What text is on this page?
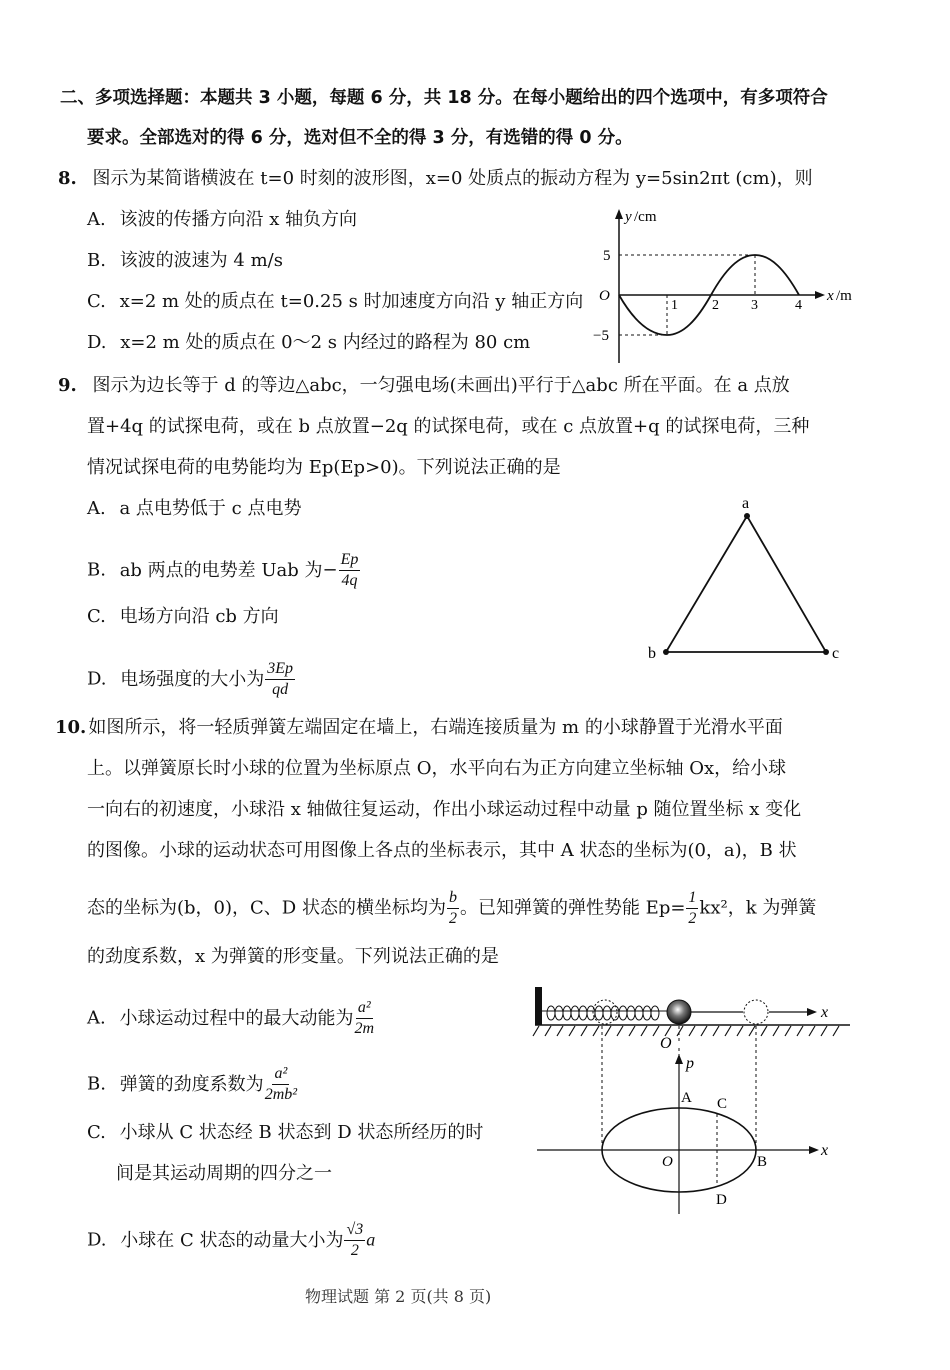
二、多项选择题：本题共 3 小题，每题 6 分，共 18 分。在每小题给出的四个选项中，有多项符合
要求。全部选对的得 6 分，选对但不全的得 3 分，有选错的得 0 分。
8. 图示为某简谐横波在 t=0 时刻的波形图，x=0 处质点的振动方程为 y=5sin2πt (cm)，则
A. 该波的传播方向沿 x 轴负方向
B. 该波的波速为 4 m/s
C. x=2 m 处的质点在 t=0.25 s 时加速度方向沿 y 轴正方向
D. x=2 m 处的质点在 0～2 s 内经过的路程为 80 cm
y /cm
x /m
O
5
−5
1 2 3	4
9. 图示为边长等于 d 的等边△abc，一匀强电场(未画出)平行于△abc 所在平面。在 a 点放
置+4q 的试探电荷，或在 b 点放置−2q 的试探电荷，或在 c 点放置+q 的试探电荷，三种
情况试探电荷的电势能均为 Ep(Ep>0)。下列说法正确的是
A. a 点电势低于 c 点电势
B. ab 两点的电势差 Uab 为− $\frac{Ep}{4q}$
C. 电场方向沿 cb 方向
D. 电场强度的大小为 $\frac{3Ep}{qd}$
a
b	c
10. 如图所示，将一轻质弹簧左端固定在墙上，右端连接质量为 m 的小球静置于光滑水平面
上。以弹簧原长时小球的位置为坐标原点 O，水平向右为正方向建立坐标轴 Ox，给小球
一向右的初速度，小球沿 x 轴做往复运动，作出小球运动过程中动量 p 随位置坐标 x 变化
的图像。小球的运动状态可用图像上各点的坐标表示，其中 A 状态的坐标为(0，a)，B 状
态的坐标为(b，0)，C、D 状态的横坐标均为 $\frac{b}{2}$ 。已知弹簧的弹性势能 $Ep= \frac{1}{2} kx^2$，k 为弹簧
的劲度系数，x 为弹簧的形变量。下列说法正确的是
A. 小球运动过程中的最大动能为 $\frac{\text{a²}}{2m}$
B. 弹簧的劲度系数为 $\frac{\text{a²}}{\text{2mb²}}$
C. 小球从 C 状态经 B 状态到 D 状态所经历的时
间是其运动周期的四分之一
D. 小球在 C 状态的动量大小为 $\frac{√3}{2}$ a
x
O
p
x
A C
B
D
O
物理试题 第 2 页(共 8 页)
